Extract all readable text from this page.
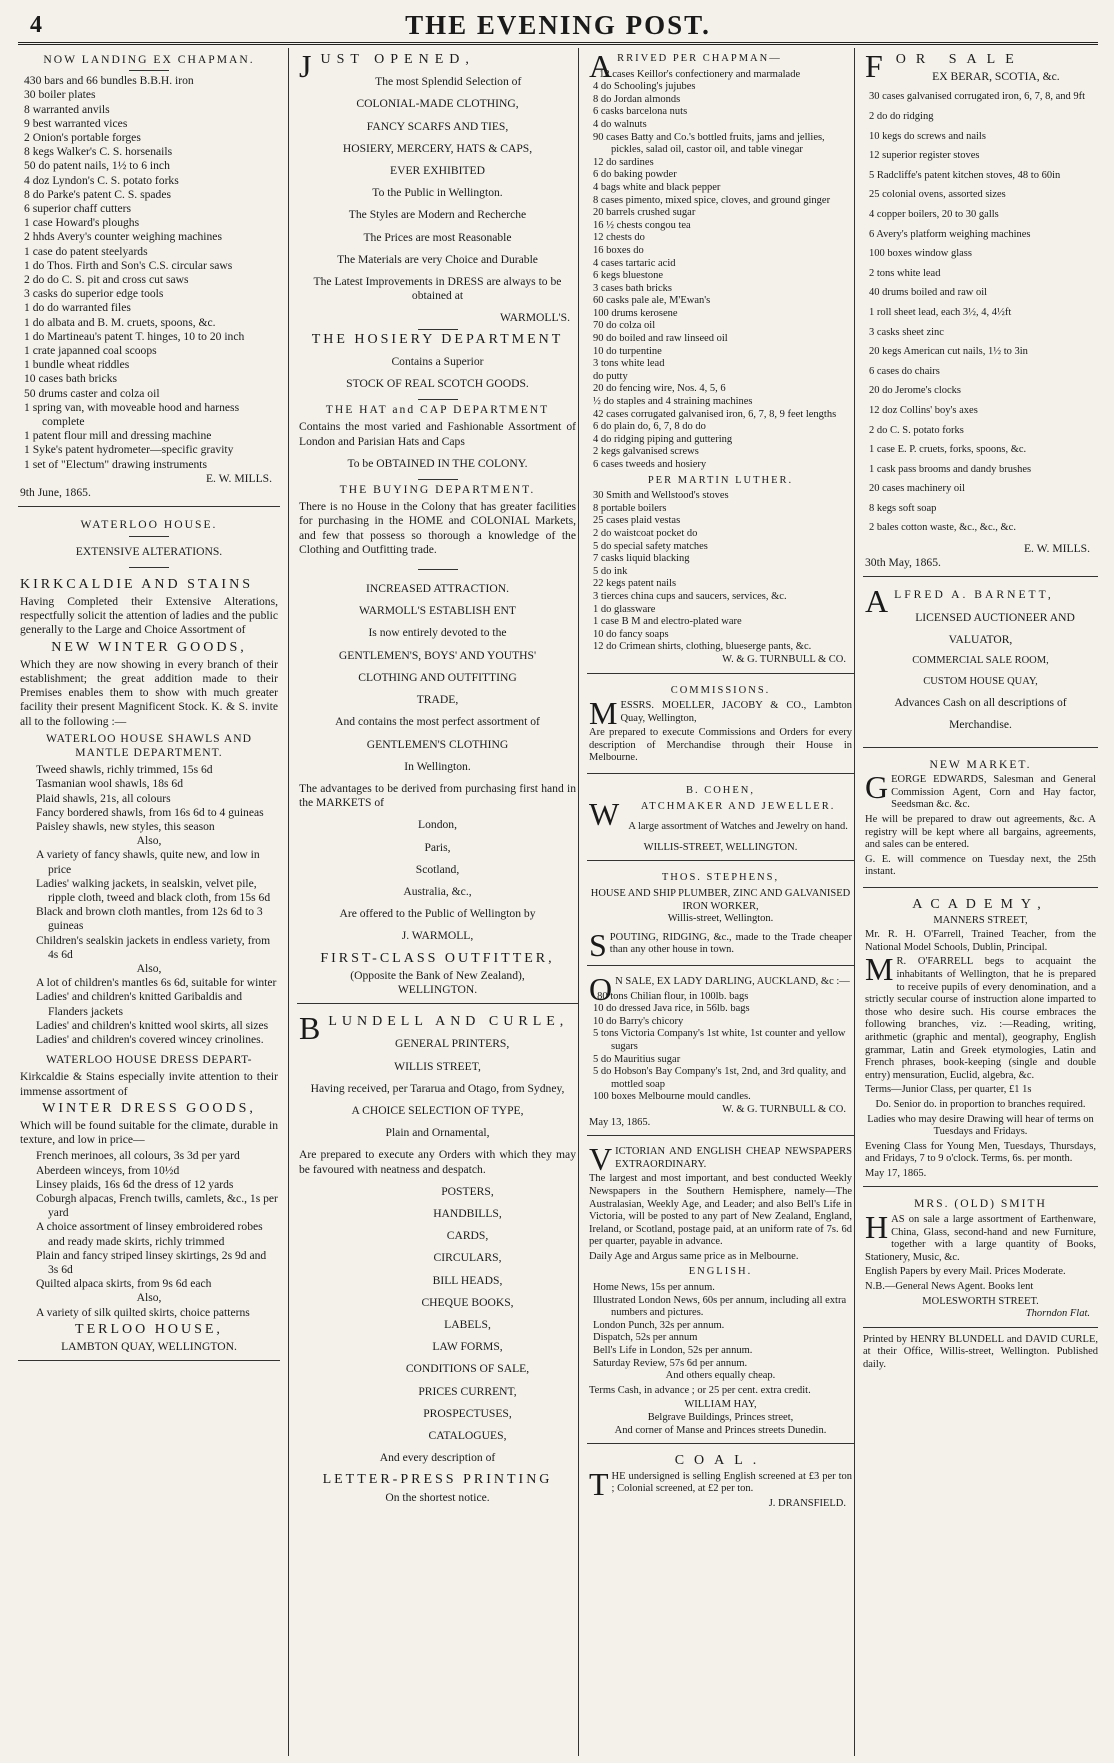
4	THE EVENING POST.
NOW LANDING EX CHAPMAN.
430 bars and 66 bundles B.B.H. iron
30 boiler plates
8 warranted anvils
9 best warranted vices
2 Onion's portable forges
8 kegs Walker's C. S. horsenails
50 do patent nails, 1½ to 6 inch
4 doz Lyndon's C. S. potato forks
8 do Parke's patent C. S. spades
6 superior chaff cutters
1 case Howard's ploughs
2 hhds Avery's counter weighing machines
1 case do patent steelyards
1 do Thos. Firth and Son's C.S. circular saws
2 do do C. S. pit and cross cut saws
3 casks do superior edge tools
1 do do warranted files
1 do albata and B. M. cruets, spoons, &c.
1 do Martineau's patent T. hinges, 10 to 20 inch
1 crate japanned coal scoops
1 bundle wheat riddles
10 cases bath bricks
50 drums caster and colza oil
1 spring van, with moveable hood and harness complete
1 patent flour mill and dressing machine
1 Syke's patent hydrometer—specific gravity
1 set of "Electum" drawing instruments
E. W. MILLS.
9th June, 1865.
WATERLOO HOUSE.
EXTENSIVE ALTERATIONS.
KIRKCALDIE AND STAINS

Having Completed their Extensive Alterations, respectfully solicit the attention of ladies and the public generally to the Large and Choice Assortment of

NEW WINTER GOODS,

Which they are now showing in every branch of their establishment; the great addition made to their Premises enables them to show with much greater facility their present Magnificent Stock. K. & S. invite all to the following :—

WATERLOO HOUSE SHAWLS AND MANTLE DEPARTMENT.
Tweed shawls, richly trimmed, 15s 6d
Tasmanian wool shawls, 18s 6d
Plaid shawls, 21s, all colours
Fancy bordered shawls, from 16s 6d to 4 guineas
Paisley shawls, new styles, this season
Also,
A variety of fancy shawls, quite new, and low in price
Ladies' walking jackets, in sealskin, velvet pile, ripple cloth, tweed and black cloth, from 15s 6d
Black and brown cloth mantles, from 12s 6d to 3 guineas
Children's sealskin jackets in endless variety, from 4s 6d
Also,
A lot of children's mantles 6s 6d, suitable for winter
Ladies' and children's knitted Garibaldis and Flanders jackets
Ladies' and children's knitted wool skirts, all sizes
Ladies' and children's covered wincey crinolines.
WATERLOO HOUSE DRESS DEPART-

Kirkcaldie & Stains especially invite attention to their immense assortment of

WINTER DRESS GOODS,

Which will be found suitable for the climate, durable in texture, and low in price—

French merinoes, all colours, 3s 3d per yard
Aberdeen winceys, from 10½d
Linsey plaids, 16s 6d the dress of 12 yards
Coburgh alpacas, French twills, camlets, &c., 1s per yard
A choice assortment of linsey embroidered robes and ready made skirts, richly trimmed
Plain and fancy striped linsey skirtings, 2s 9d and 3s 6d
Quilted alpaca skirts, from 9s 6d each
Also,
A variety of silk quilted skirts, choice patterns
TERLOO HOUSE,
LAMBTON QUAY, WELLINGTON.
JUST OPENED,
The most Splendid Selection of
COLONIAL-MADE CLOTHING,
FANCY SCARFS AND TIES,
HOSIERY, MERCERY, HATS & CAPS,
EVER EXHIBITED
To the Public in Wellington.
The Styles are Modern and Recherche
The Prices are most Reasonable
The Materials are very Choice and Durable
The Latest Improvements in DRESS are always to be obtained at
WARMOLL'S.
THE HOSIERY DEPARTMENT
Contains a Superior
STOCK OF REAL SCOTCH GOODS.
THE HAT and CAP DEPARTMENT

Contains the most varied and Fashionable Assortment of London and Parisian Hats and Caps

To be OBTAINED IN THE COLONY.
THE BUYING DEPARTMENT.

There is no House in the Colony that has greater facilities for purchasing in the HOME and COLONIAL Markets, and few that possess so thorough a knowledge of the Clothing and Outfitting trade.

INCREASED ATTRACTION.
WARMOLL'S ESTABLISH ENT
Is now entirely devoted to the
GENTLEMEN'S, BOYS' AND YOUTHS'
CLOTHING AND OUTFITTING
TRADE,
And contains the most perfect assortment of
GENTLEMEN'S CLOTHING
In Wellington.

The advantages to be derived from purchasing first hand in the MARKETS of

London,
Paris,
Scotland,
Australia, &c.,
Are offered to the Public of Wellington by
J. WARMOLL,
FIRST-CLASS OUTFITTER,
(Opposite the Bank of New Zealand),
WELLINGTON.
BLUNDELL AND CURLE,
GENERAL PRINTERS,
WILLIS STREET,
Having received, per Tararua and Otago, from Sydney,
A CHOICE SELECTION OF TYPE,
Plain and Ornamental,

Are prepared to execute any Orders with which they may be favoured with neatness and despatch.

POSTERS,
HANDBILLS,
CARDS,
CIRCULARS,
BILL HEADS,
CHEQUE BOOKS,
LABELS,
LAW FORMS,
CONDITIONS OF SALE,
PRICES CURRENT,
PROSPECTUSES,
CATALOGUES,
And every description of
LETTER-PRESS PRINTING
On the shortest notice.
ARRIVED PER CHAPMAN—
12 cases Keillor's confectionery and marmalade
4 do Schooling's jujubes
8 do Jordan almonds
6 casks barcelona nuts
4 do walnuts
90 cases Batty and Co.'s bottled fruits, jams and jellies, pickles, salad oil, castor oil, and table vinegar
12 do sardines
6 do baking powder
4 bags white and black pepper
8 cases pimento, mixed spice, cloves, and ground ginger
20 barrels crushed sugar
16 ½ chests congou tea
12 chests do
16 boxes do
4 cases tartaric acid
6 kegs bluestone
3 cases bath bricks
60 casks pale ale, M'Ewan's
100 drums kerosene
70 do colza oil
90 do boiled and raw linseed oil
10 do turpentine
3 tons white lead
do putty
20 do fencing wire, Nos. 4, 5, 6
½ do staples and 4 straining machines
42 cases corrugated galvanised iron, 6, 7, 8, 9 feet lengths
6 do plain do, 6, 7, 8 do do
4 do ridging piping and guttering
2 kegs galvanised screws
6 cases tweeds and hosiery
PER MARTIN LUTHER.
30 Smith and Wellstood's stoves
8 portable boilers
25 cases plaid vestas
2 do waistcoat pocket do
5 do special safety matches
7 casks liquid blacking
5 do ink
22 kegs patent nails
3 tierces china cups and saucers, services, &c.
1 do glassware
1 case B M and electro-plated ware
10 do fancy soaps
12 do Crimean shirts, clothing, blueserge pants, &c.
W. & G. TURNBULL & CO.
COMMISSIONS.

MESSRS. MOELLER, JACOBY & CO., Lambton Quay, Wellington,

Are prepared to execute Commissions and Orders for every description of Merchandise through their House in Melbourne.

B. COHEN,
WATCHMAKER AND JEWELLER.
A large assortment of Watches and Jewelry on hand.
WILLIS-STREET, WELLINGTON.
THOS. STEPHENS,
HOUSE AND SHIP PLUMBER, ZINC AND GALVANISED IRON WORKER,
Willis-street, Wellington.

SPOUTING, RIDGING, &c., made to the Trade cheaper than any other house in town.

ON SALE, EX LADY DARLING, AUCKLAND, &c :—

80 tons Chilian flour, in 100lb. bags
10 do dressed Java rice, in 56lb. bags
10 do Barry's chicory
5 tons Victoria Company's 1st white, 1st counter and yellow sugars
5 do Mauritius sugar
5 do Hobson's Bay Company's 1st, 2nd, and 3rd quality, and mottled soap
100 boxes Melbourne mould candles.
W. & G. TURNBULL & CO.
May 13, 1865.

VICTORIAN AND ENGLISH CHEAP NEWSPAPERS EXTRAORDINARY.

The largest and most important, and best conducted Weekly Newspapers in the Southern Hemisphere, namely—The Australasian, Weekly Age, and Leader; and also Bell's Life in Victoria, will be posted to any part of New Zealand, England, Ireland, or Scotland, postage paid, at an uniform rate of 7s. 6d per quarter, payable in advance.

Daily Age and Argus same price as in Melbourne.

ENGLISH.
Home News, 15s per annum.
Illustrated London News, 60s per annum, including all extra numbers and pictures.
London Punch, 32s per annum.
Dispatch, 52s per annum
Bell's Life in London, 52s per annum.
Saturday Review, 57s 6d per annum.
And others equally cheap.

Terms Cash, in advance ; or 25 per cent. extra credit.

WILLIAM HAY,
Belgrave Buildings, Princes street,
And corner of Manse and Princes streets Dunedin.
COAL.

THE undersigned is selling English screened at £3 per ton ; Colonial screened, at £2 per ton.

J. DRANSFIELD.
FOR SALE
EX BERAR, SCOTIA, &c.
30 cases galvanised corrugated iron, 6, 7, 8, and 9ft
2 do do ridging
10 kegs do screws and nails
12 superior register stoves
5 Radcliffe's patent kitchen stoves, 48 to 60in
25 colonial ovens, assorted sizes
4 copper boilers, 20 to 30 galls
6 Avery's platform weighing machines
100 boxes window glass
2 tons white lead
40 drums boiled and raw oil
1 roll sheet lead, each 3½, 4, 4½ft
3 casks sheet zinc
20 kegs American cut nails, 1½ to 3in
6 cases do chairs
20 do Jerome's clocks
12 doz Collins' boy's axes
2 do C. S. potato forks
1 case E. P. cruets, forks, spoons, &c.
1 cask pass brooms and dandy brushes
20 cases machinery oil
8 kegs soft soap
2 bales cotton waste, &c., &c., &c.
E. W. MILLS.
30th May, 1865.
ALFRED A. BARNETT,
LICENSED AUCTIONEER AND
VALUATOR,
COMMERCIAL SALE ROOM,
CUSTOM HOUSE QUAY,
Advances Cash on all descriptions of
Merchandise.
NEW MARKET.

GEORGE EDWARDS, Salesman and General Commission Agent, Corn and Hay factor, Seedsman &c. &c.

He will be prepared to draw out agreements, &c. A registry will be kept where all bargains, agreements, and sales can be entered.

G. E. will commence on Tuesday next, the 25th instant.

ACADEMY,
MANNERS STREET,

Mr. R. H. O'Farrell, Trained Teacher, from the National Model Schools, Dublin, Principal.

MR. O'FARRELL begs to acquaint the inhabitants of Wellington, that he is prepared to receive pupils of every denomination, and a strictly secular course of instruction alone imparted to those who desire such. His course embraces the following branches, viz. :—Reading, writing, arithmetic (graphic and mental), geography, English grammar, Latin and Greek etymologies, Latin and French phrases, book-keeping (single and double entry) mensuration, Euclid, algebra, &c.

Terms—Junior Class, per quarter, £1 1s

Do. Senior do. in proportion to branches required.

Ladies who may desire Drawing will hear of terms on Tuesdays and Fridays.

Evening Class for Young Men, Tuesdays, Thursdays, and Fridays, 7 to 9 o'clock. Terms, 6s. per month.

May 17, 1865.
MRS. (OLD) SMITH

HAS on sale a large assortment of Earthenware, China, Glass, second-hand and new Furniture, together with a large quantity of Books, Stationery, Music, &c.

English Papers by every Mail. Prices Moderate.

N.B.—General News Agent. Books lent

MOLESWORTH STREET.
Thorndon Flat.

Printed by HENRY BLUNDELL and DAVID CURLE, at their Office, Willis-street, Wellington. Published daily.
